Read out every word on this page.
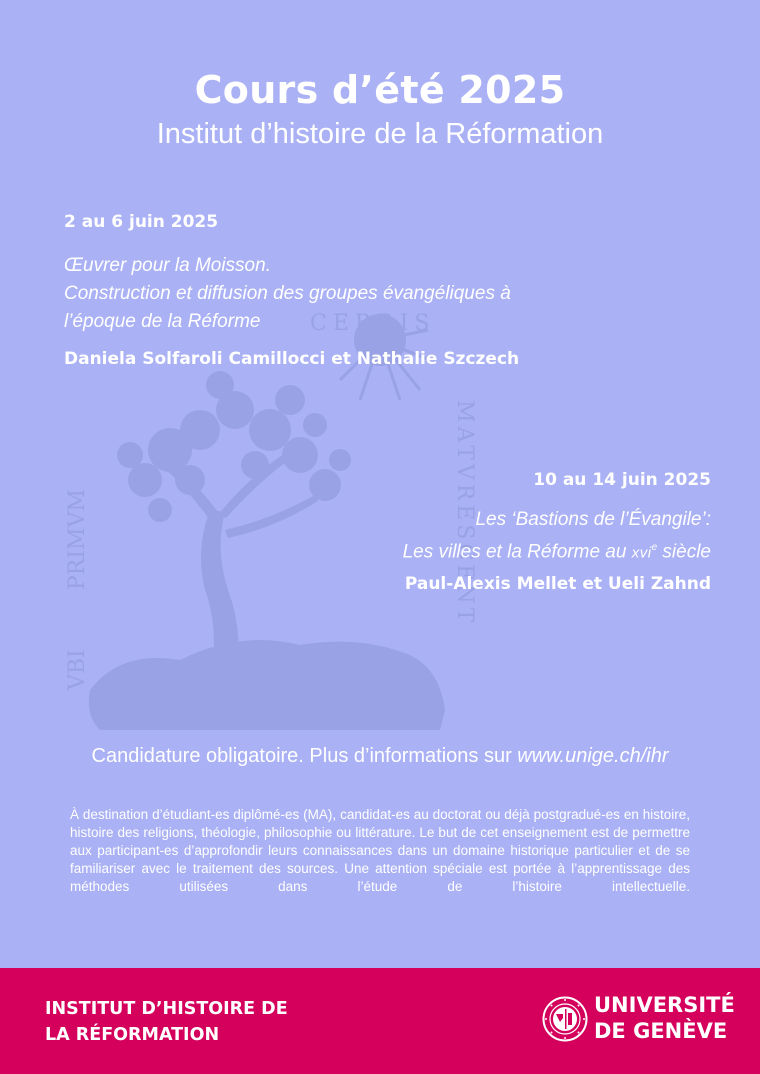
VBI
PRIMVM
CEBRIS
MATVRESCENT
Cours d’été 2025
Institut d’histoire de la Réformation
2 au 6 juin 2025
Œuvrer pour la Moisson.
Construction et diffusion des groupes évangéliques à
l’époque de la Réforme
Daniela Solfaroli Camillocci et Nathalie Szczech
10 au 14 juin 2025
Les ‘Bastions de l’Évangile’:
Les villes et la Réforme au xvi$^e$ siècle
Paul-Alexis Mellet et Ueli Zahnd
Candidature obligatoire. Plus d’informations sur www.unige.ch/ihr
À destination d’étudiant-es diplômé-es (MA), candidat-es au doctorat ou déjà postgradué-es en histoire, histoire des religions, théologie, philosophie ou littérature. Le but de cet enseignement est de permettre aux participant-es d’approfondir leurs connaissances dans un domaine historique particulier et de se familiariser avec le traitement des sources. Une attention spéciale est portée à l’apprentissage des méthodes utilisées dans l’étude de l’histoire intellectuelle.
INSTITUT D’HISTOIRE DE
LA RÉFORMATION
UNIVERSITÉ
DE GENÈVE
